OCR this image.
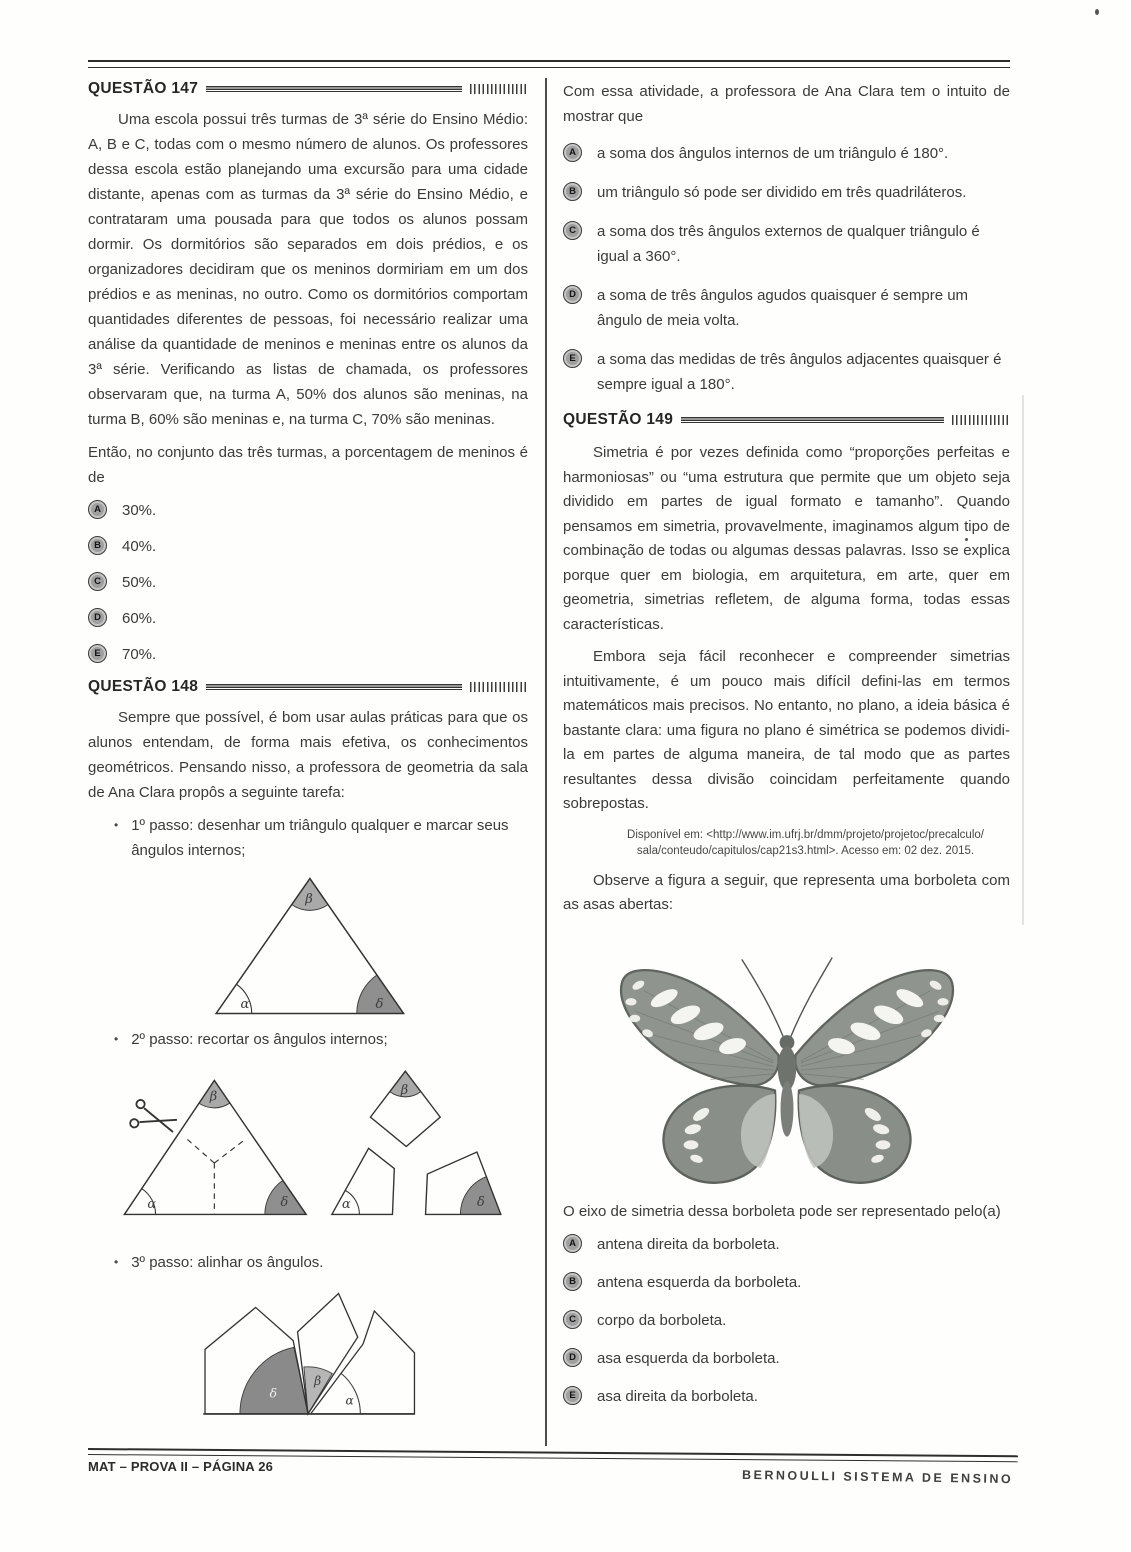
QUESTÃO 147

Uma escola possui três turmas de 3ª série do Ensino Médio: A, B e C, todas com o mesmo número de alunos. Os professores dessa escola estão planejando uma excursão para uma cidade distante, apenas com as turmas da 3ª série do Ensino Médio, e contrataram uma pousada para que todos os alunos possam dormir. Os dormitórios são separados em dois prédios, e os organizadores decidiram que os meninos dormiriam em um dos prédios e as meninas, no outro. Como os dormitórios comportam quantidades diferentes de pessoas, foi necessário realizar uma análise da quantidade de meninos e meninas entre os alunos da 3ª série. Verificando as listas de chamada, os professores observaram que, na turma A, 50% dos alunos são meninas, na turma B, 60% são meninas e, na turma C, 70% são meninas.

Então, no conjunto das três turmas, a porcentagem de meninos é de

A	30%.
B	40%.
C	50%.
D	60%.
E	70%.
QUESTÃO 148

Sempre que possível, é bom usar aulas práticas para que os alunos entendam, de forma mais efetiva, os conhecimentos geométricos. Pensando nisso, a professora de geometria da sala de Ana Clara propôs a seguinte tarefa:

•
1º passo: desenhar um triângulo qualquer e marcar seus ângulos internos;
β
α	δ
•
2º passo: recortar os ângulos internos;
β
α	δ
β
α	δ
•
3º passo: alinhar os ângulos.
δ
β
α

Com essa atividade, a professora de Ana Clara tem o intuito de mostrar que

A	a soma dos ângulos internos de um triângulo é 180°.
B	um triângulo só pode ser dividido em três quadriláteros.
C	a soma dos três ângulos externos de qualquer triângulo é igual a 360°.
D	a soma de três ângulos agudos quaisquer é sempre um ângulo de meia volta.
E	a soma das medidas de três ângulos adjacentes quaisquer é sempre igual a 180°.
QUESTÃO 149

Simetria é por vezes definida como “proporções perfeitas e harmoniosas” ou “uma estrutura que permite que um objeto seja dividido em partes de igual formato e tamanho”. Quando pensamos em simetria, provavelmente, imaginamos algum tipo de combinação de todas ou algumas dessas palavras. Isso se explica porque quer em biologia, em arquitetura, em arte, quer em geometria, simetrias refletem, de alguma forma, todas essas características.

Embora seja fácil reconhecer e compreender simetrias intuitivamente, é um pouco mais difícil defini-las em termos matemáticos mais precisos. No entanto, no plano, a ideia básica é bastante clara: uma figura no plano é simétrica se podemos dividi-la em partes de alguma maneira, de tal modo que as partes resultantes dessa divisão coincidam perfeitamente quando sobrepostas.

Disponível em: <http://www.im.ufrj.br/dmm/projeto/projetoc/precalculo/
sala/conteudo/capitulos/cap21s3.html>. Acesso em: 02 dez. 2015.

Observe a figura a seguir, que representa uma borboleta com as asas abertas:

O eixo de simetria dessa borboleta pode ser representado pelo(a)

A	antena direita da borboleta.
B	antena esquerda da borboleta.
C	corpo da borboleta.
D	asa esquerda da borboleta.
E	asa direita da borboleta.
MAT – PROVA II – PÁGINA 26
BERNOULLI SISTEMA DE ENSINO
